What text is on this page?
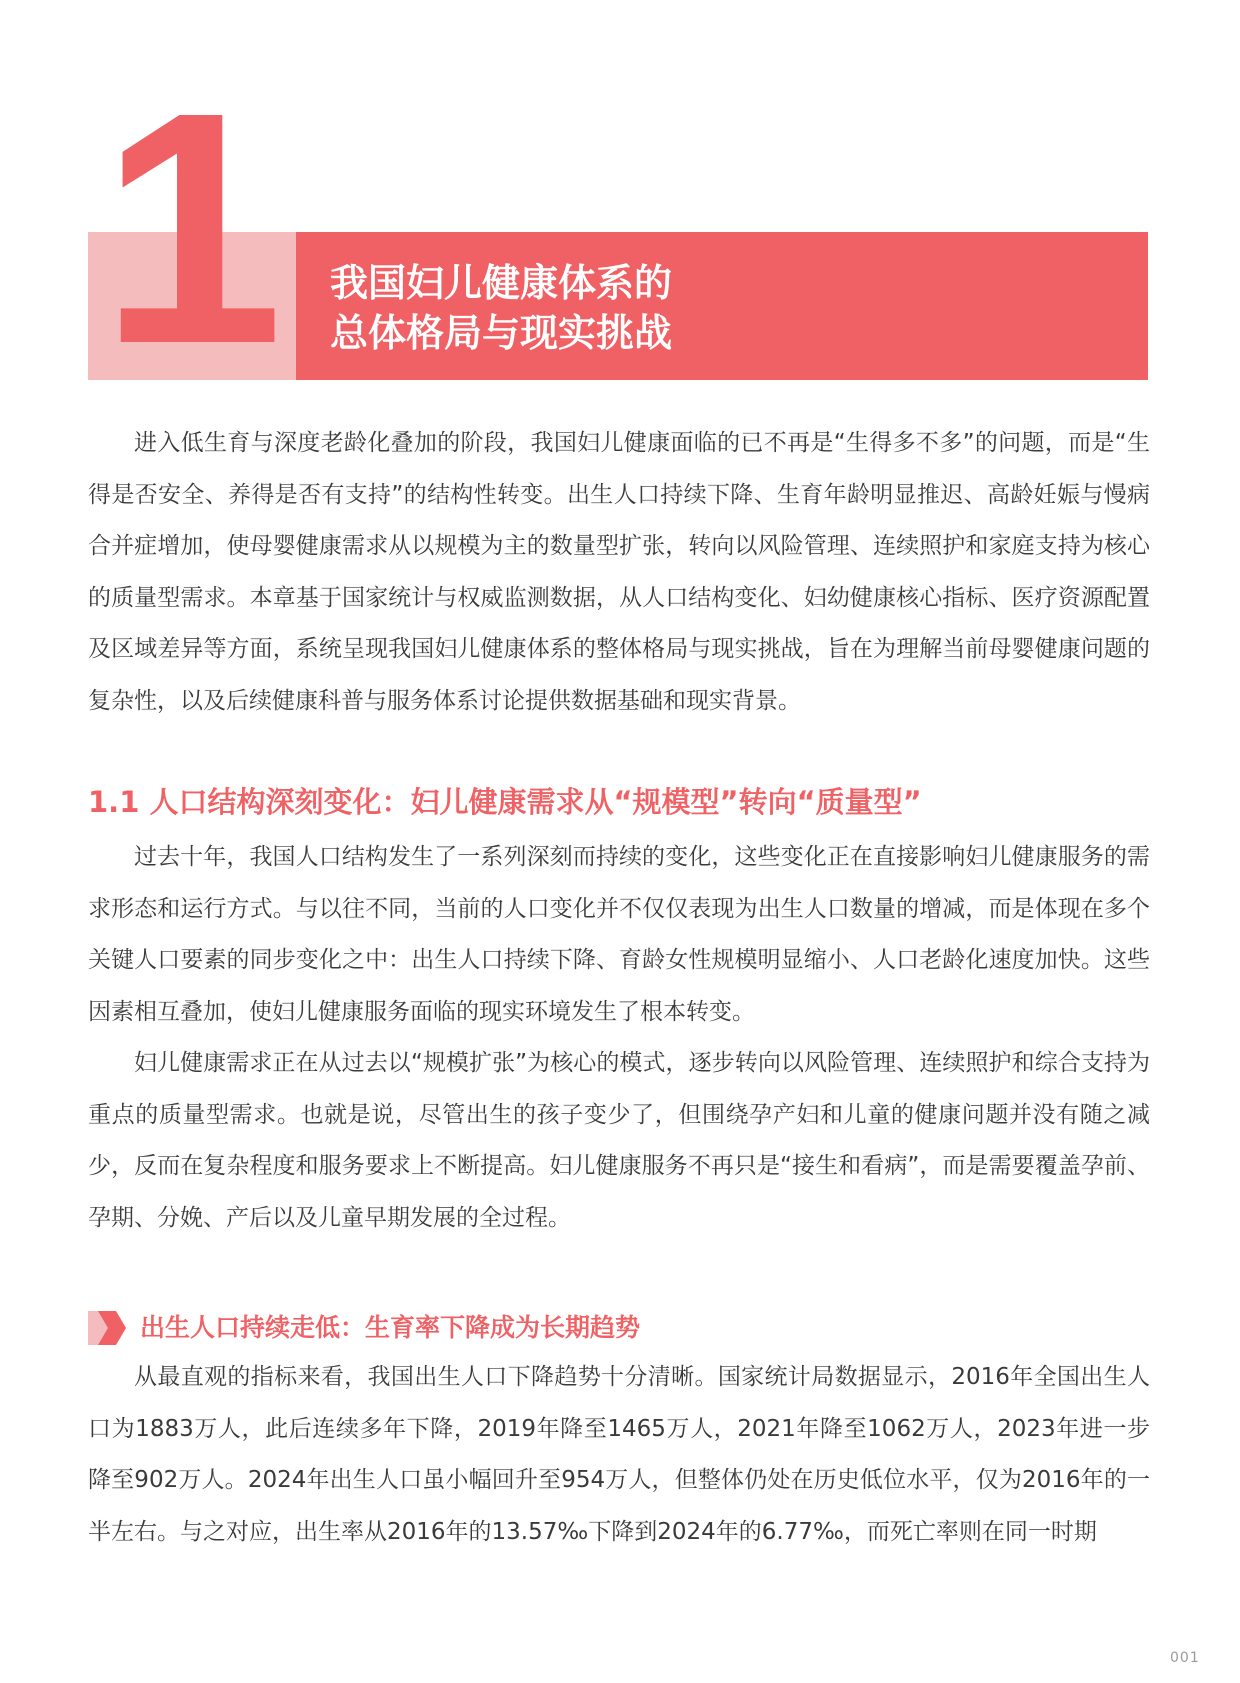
1 我国妇儿健康体系的
总体格局与现实挑战

进入低生育与深度老龄化叠加的阶段，我国妇儿健康面临的已不再是“生得多不多”的问题，而是“生得是否安全、养得是否有支持”的结构性转变。出生人口持续下降、生育年龄明显推迟、高龄妊娠与慢病合并症增加，使母婴健康需求从以规模为主的数量型扩张，转向以风险管理、连续照护和家庭支持为核心的质量型需求。本章基于国家统计与权威监测数据，从人口结构变化、妇幼健康核心指标、医疗资源配置及区域差异等方面，系统呈现我国妇儿健康体系的整体格局与现实挑战，旨在为理解当前母婴健康问题的复杂性，以及后续健康科普与服务体系讨论提供数据基础和现实背景。

1.1 人口结构深刻变化：妇儿健康需求从“规模型”转向“质量型”

过去十年，我国人口结构发生了一系列深刻而持续的变化，这些变化正在直接影响妇儿健康服务的需求形态和运行方式。与以往不同，当前的人口变化并不仅仅表现为出生人口数量的增减，而是体现在多个关键人口要素的同步变化之中：出生人口持续下降、育龄女性规模明显缩小、人口老龄化速度加快。这些因素相互叠加，使妇儿健康服务面临的现实环境发生了根本转变。

妇儿健康需求正在从过去以“规模扩张”为核心的模式，逐步转向以风险管理、连续照护和综合支持为重点的质量型需求。也就是说，尽管出生的孩子变少了，但围绕孕产妇和儿童的健康问题并没有随之减少，反而在复杂程度和服务要求上不断提高。妇儿健康服务不再只是“接生和看病”，而是需要覆盖孕前、孕期、分娩、产后以及儿童早期发展的全过程。

出生人口持续走低：生育率下降成为长期趋势

从最直观的指标来看，我国出生人口下降趋势十分清晰。国家统计局数据显示，2016年全国出生人口为1883万人，此后连续多年下降，2019年降至1465万人，2021年降至1062万人，2023年进一步降至902万人。2024年出生人口虽小幅回升至954万人，但整体仍处在历史低位水平，仅为2016年的一半左右。与之对应，出生率从2016年的13.57‰下降到2024年的6.77‰，而死亡率则在同一时期

001
